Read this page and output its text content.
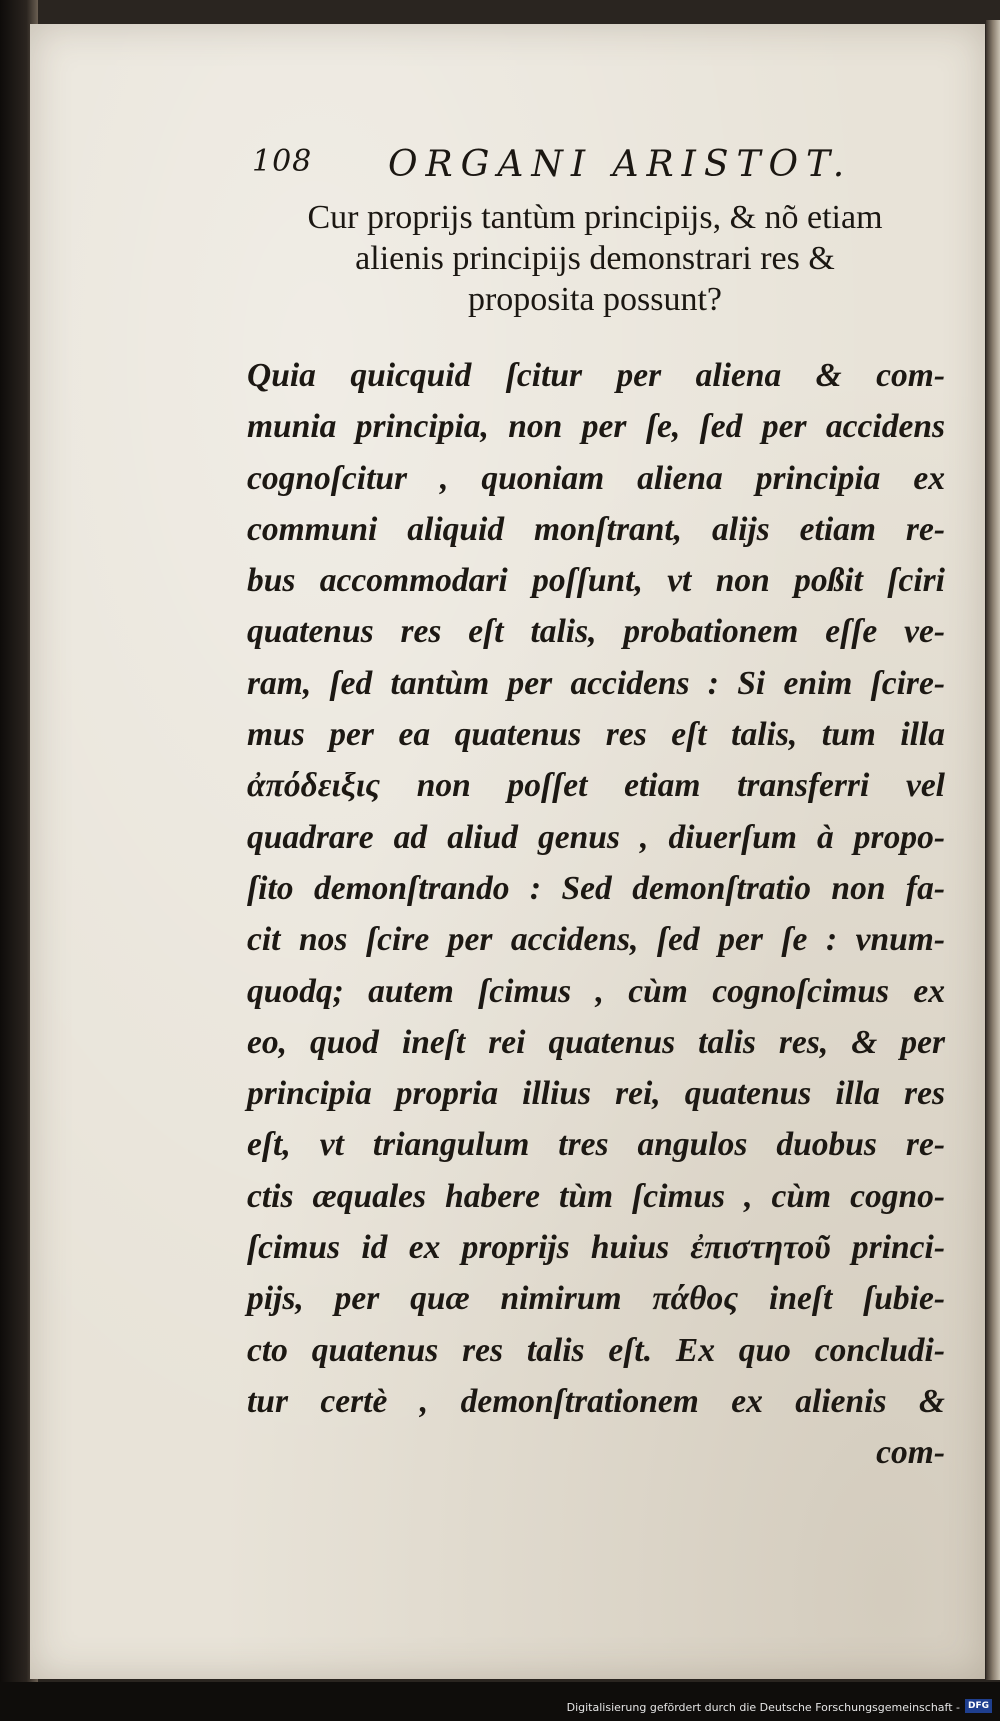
108 ORGANI ARISTOT.
Cur proprijs tantùm principijs, & nõ etiam
alienis principijs demonstrari res &
proposita possunt?
Quia quicquid ſcitur per aliena & com-
munia principia, non per ſe, ſed per accidens
cognoſcitur , quoniam aliena principia ex
communi aliquid monſtrant, alijs etiam re-
bus accommodari poſſunt, vt non poßit ſciri
quatenus res eſt talis, probationem eſſe ve-
ram, ſed tantùm per accidens : Si enim ſcire-
mus per ea quatenus res eſt talis, tum illa
ἀπόδειξις non poſſet etiam transferri vel
quadrare ad aliud genus , diuerſum à propo-
ſito demonſtrando : Sed demonſtratio non fa-
cit nos ſcire per accidens, ſed per ſe : vnum-
quodq; autem ſcimus , cùm cognoſcimus ex
eo, quod ineſt rei quatenus talis res, & per
principia propria illius rei, quatenus illa res
eſt, vt triangulum tres angulos duobus re-
ctis æquales habere tùm ſcimus , cùm cogno-
ſcimus id ex proprijs huius ἐπιστητοῦ princi-
pijs, per quæ nimirum πάθος ineſt ſubie-
cto quatenus res talis eſt. Ex quo concludi-
tur certè , demonſtrationem ex alienis &
com-
Digitalisierung gefördert durch die Deutsche Forschungsgemeinschaft - DFG
